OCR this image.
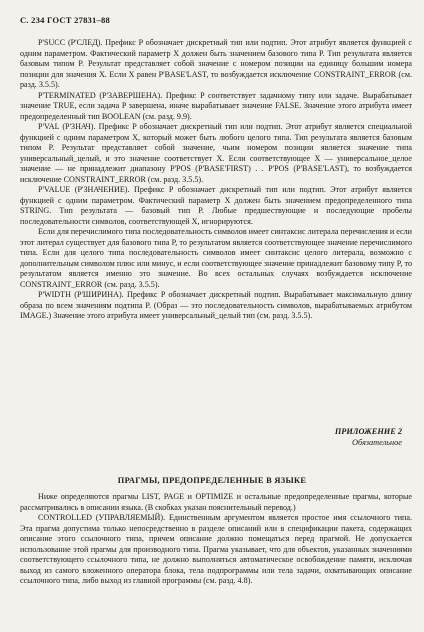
С. 234 ГОСТ 27831–88

P'SUCC (P'СЛЕД). Префикс P обозначает дискретный тип или подтип. Этот атрибут является функцией с одним параметром. Фактический параметр X должен быть значением базового типа P. Тип результата является базовым типом P. Результат представляет собой значение с номером позиции на единицу большим номера позиции для значения X. Если X равен P'BASE'LAST, то возбуждается исключение CONSTRAINT_ERROR (см. разд. 3.5.5).

P'TERMINATED (P'ЗАВЕРШЕНА). Префикс P соответствует задачному типу или задаче. Вырабатывает значение TRUE, если задача P завершена, иначе вырабатывает значение FALSE. Значение этого атрибута имеет предопределенный тип BOOLEAN (см. разд. 9.9).

P'VAL (P'ЗНАЧ). Префикс P обозначает дискретный тип или подтип. Этот атрибут является специальной функцией с одним параметром X, который может быть любого целого типа. Тип результата является базовым типом P. Результат представляет собой значение, чьим номером позиции является значение типа универсальный_целый, и это значение соответствует X. Если соответствующее X — универсальное_целое значение — не принадлежит диапазону P'POS (P'BASE'FIRST) . . P'POS (P'BASE'LAST), то возбуждается исключение CONSTRAINT_ERROR (см. разд. 3.5.5).

P'VALUE (P'ЗНАЧЕНИЕ). Префикс P обозначает дискретный тип или подтип. Этот атрибут является функцией с одним параметром. Фактический параметр X должен быть значением предопределенного типа STRING. Тип результата — базовый тип P. Любые предшествующие и последующие пробелы последовательности символов, соответствующей X, игнорируются.

Если для перечислимого типа последовательность символов имеет синтаксис литерала перечисления и если этот литерал существует для базового типа P, то результатом является соответствующее значение перечислимого типа. Если для целого типа последовательность символов имеет синтаксис целого литерала, возможно с дополнительным символом плюс или минус, и если соответствующее значение принадлежит базовому типу P, то результатом является именно это значение. Во всех остальных случаях возбуждается исключение CONSTRAINT_ERROR (см. разд. 3.5.5).

P'WIDTH (P'ШИРИНА). Префикс P обозначает дискретный подтип. Вырабатывает максимальную длину образа по всем значениям подтипа P. (Образ — это последовательность символов, вырабатываемых атрибутом IMAGE.) Значение этого атрибута имеет универсальный_целый тип (см. разд. 3.5.5).

ПРИЛОЖЕНИЕ 2
Обязательное
ПРАГМЫ, ПРЕДОПРЕДЕЛЕННЫЕ В ЯЗЫКЕ

Ниже определяются прагмы LIST, PAGE и OPTIMIZE и остальные предопределенные прагмы, которые рассматривались в описании языка. (В скобках указан пояснительный перевод.)

CONTROLLED (УПРАВЛЯЕМЫЙ). Единственным аргументом является простое имя ссылочного типа. Эта прагма допустима только непосредственно в разделе описаний или в спецификации пакета, содержащих описание этого ссылочного типа, причем описание должно помещаться перед прагмой. Не допускается использование этой прагмы для производного типа. Прагма указывает, что для объектов, указанных значениями соответствующего ссылочного типа, не должно выполняться автоматическое освобождение памяти, исключая выход из самого вложенного оператора блока, тела подпрограммы или тела задачи, охватывающих описание ссылочного типа, либо выход из главной программы (см. разд. 4.8).
